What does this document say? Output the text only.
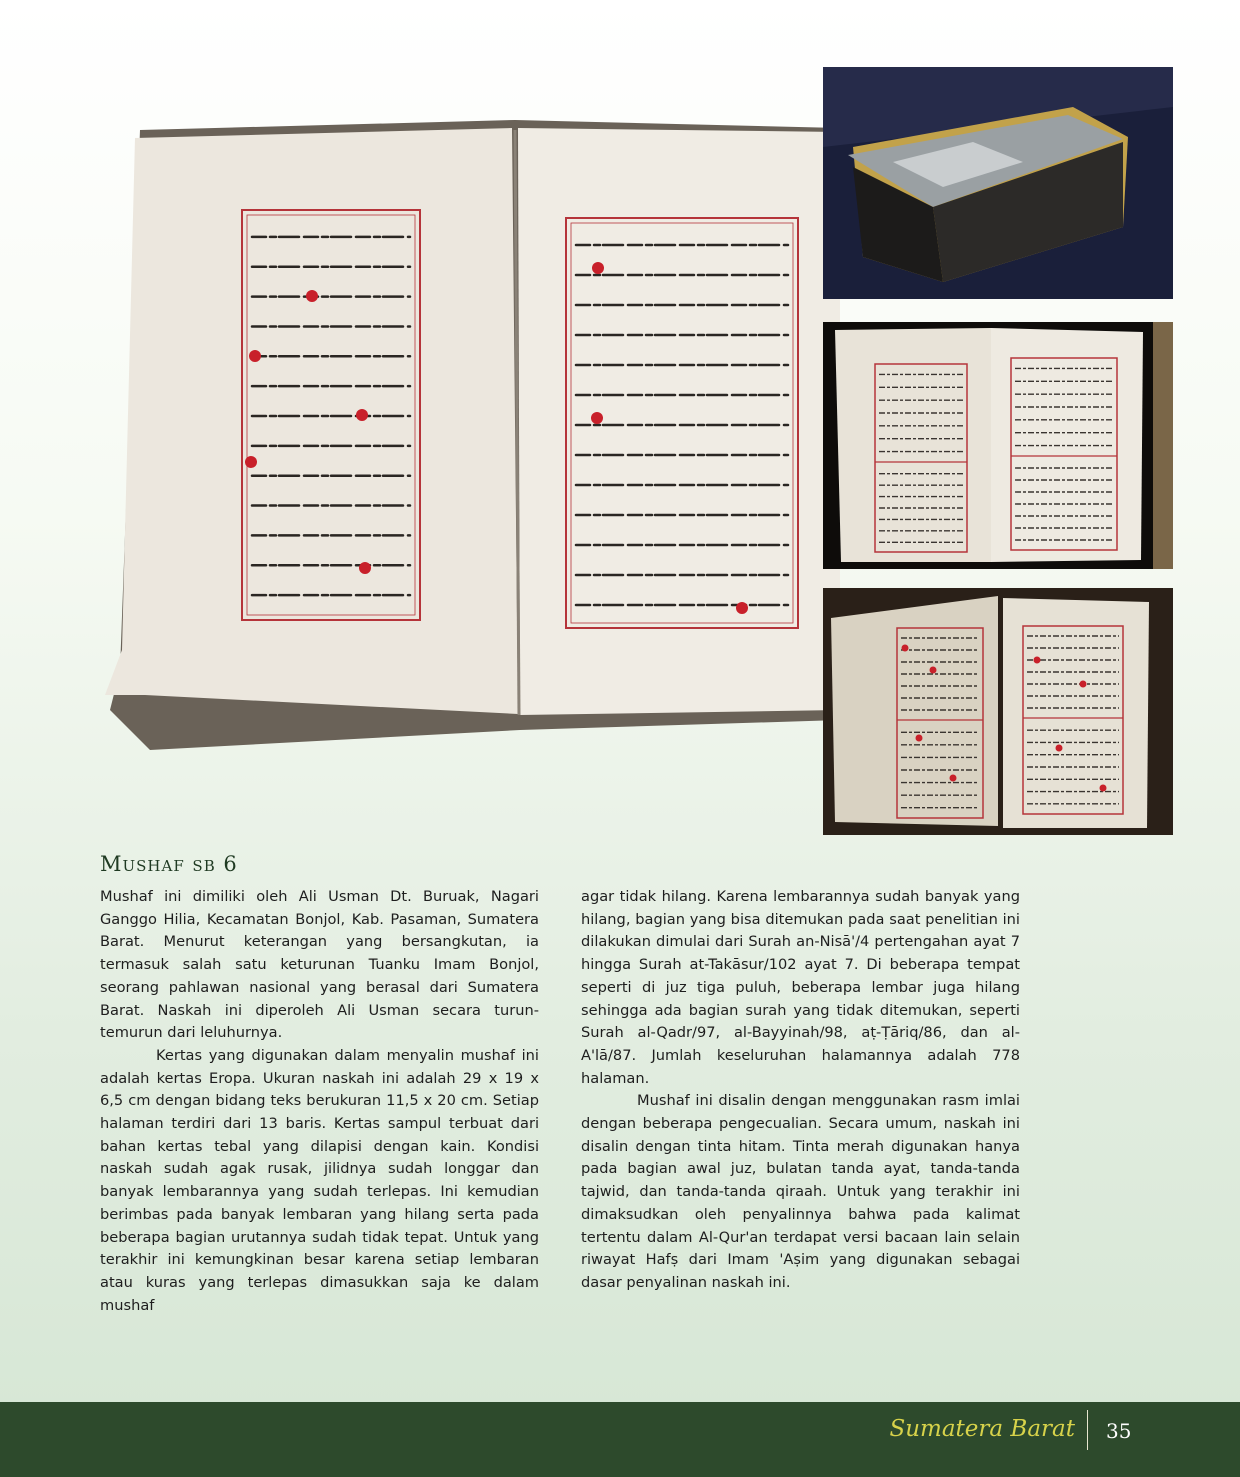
Mushaf sb 6

Mushaf ini dimiliki oleh Ali Usman Dt. Buruak, Nagari Ganggo Hilia, Kecamatan Bonjol, Kab. Pasaman, Sumatera Barat. Menurut keterangan yang bersangkutan, ia termasuk salah satu keturunan Tuanku Imam Bonjol, seorang pahlawan nasional yang berasal dari Sumatera Barat. Naskah ini diperoleh Ali Usman secara turun-temurun dari leluhurnya.

Kertas yang digunakan dalam menyalin mushaf ini adalah kertas Eropa. Ukuran naskah ini adalah 29 x 19 x 6,5 cm dengan bidang teks berukuran 11,5 x 20 cm. Setiap halaman terdiri dari 13 baris. Kertas sampul terbuat dari bahan kertas tebal yang dilapisi dengan kain. Kondisi naskah sudah agak rusak, jilidnya sudah longgar dan banyak lembarannya yang sudah terlepas. Ini kemudian berimbas pada banyak lembaran yang hilang serta pada beberapa bagian urutannya sudah tidak tepat. Untuk yang terakhir ini kemungkinan besar karena setiap lembaran atau kuras yang terlepas dimasukkan saja ke dalam mushaf

agar tidak hilang. Karena lembarannya sudah banyak yang hilang, bagian yang bisa ditemukan pada saat penelitian ini dilakukan dimulai dari Surah an-Nisā'/4 pertengahan ayat 7 hingga Surah at-Takāsur/102 ayat 7. Di beberapa tempat seperti di juz tiga puluh, beberapa lembar juga hilang sehingga ada bagian surah yang tidak ditemukan, seperti Surah al-Qadr/97, al-Bayyinah/98, aṭ-Ṭāriq/86, dan al-A'lā/87. Jumlah keseluruhan halamannya adalah 778 halaman.

Mushaf ini disalin dengan menggunakan rasm imlai dengan beberapa pengecualian. Secara umum, naskah ini disalin dengan tinta hitam. Tinta merah digunakan hanya pada bagian awal juz, bulatan tanda ayat, tanda-tanda tajwid, dan tanda-tanda qiraah. Untuk yang terakhir ini dimaksudkan oleh penyalinnya bahwa pada kalimat tertentu dalam Al-Qur'an terdapat versi bacaan lain selain riwayat Hafṣ dari Imam 'Aṣim yang digunakan sebagai dasar penyalinan naskah ini.

Sumatera Barat 35
